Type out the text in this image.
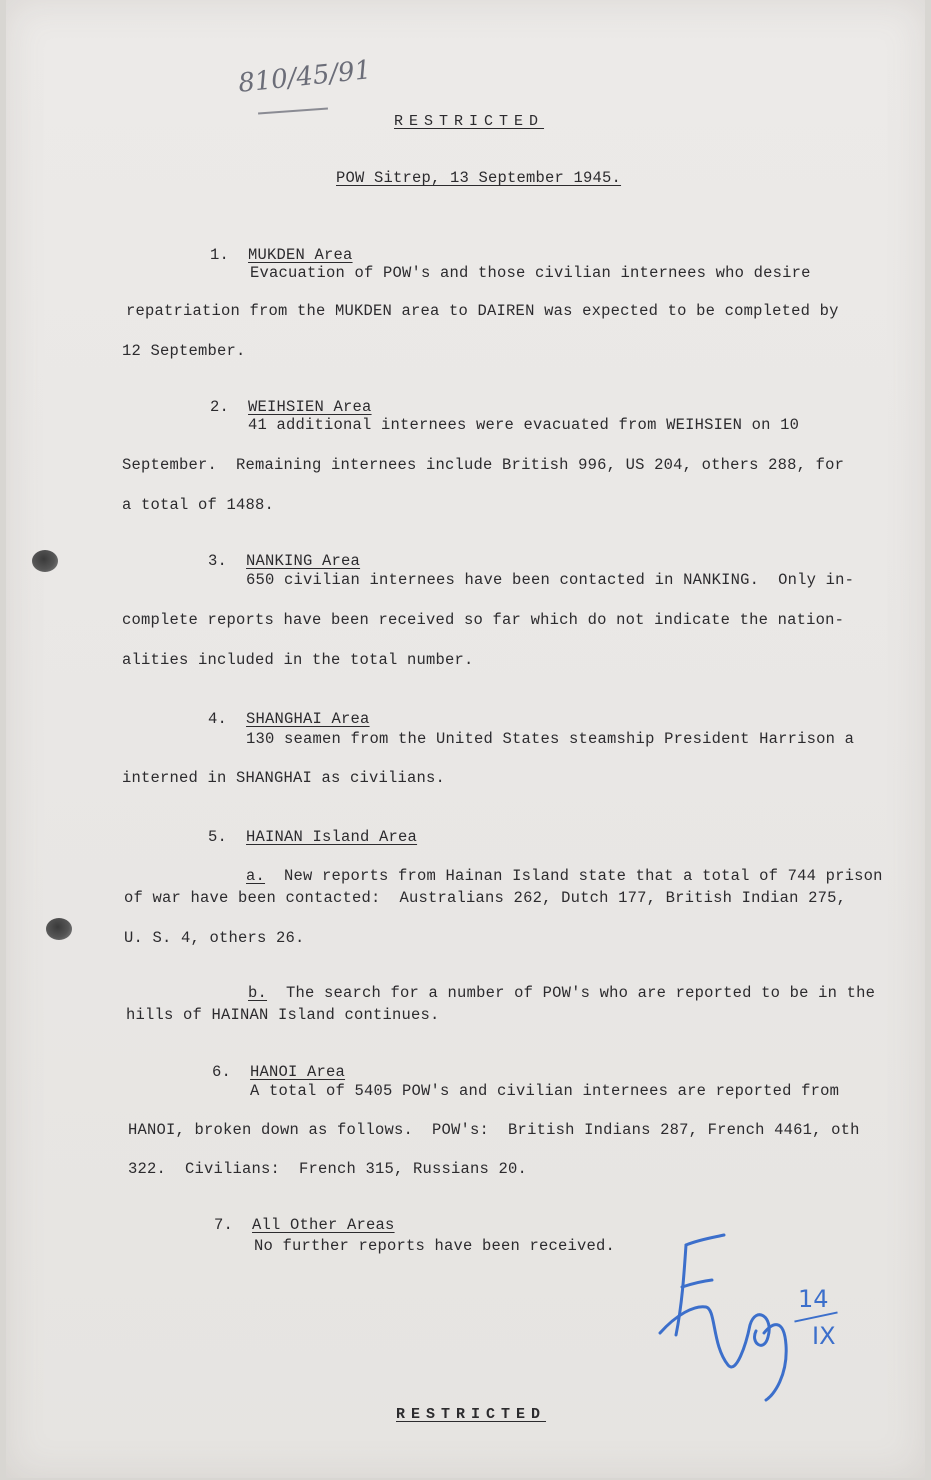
810/45/91
RESTRICTED
POW Sitrep, 13 September 1945.

1.  MUKDEN Area

Evacuation of POW's and those civilian internees who desire
repatriation from the MUKDEN area to DAIREN was expected to be completed by
12 September.

2.  WEIHSIEN Area

41 additional internees were evacuated from WEIHSIEN on 10
September.  Remaining internees include British 996, US 204, others 288, for
a total of 1488.

3.  NANKING Area

650 civilian internees have been contacted in NANKING.  Only in-
complete reports have been received so far which do not indicate the nation-
alities included in the total number.

4.  SHANGHAI Area

130 seamen from the United States steamship President Harrison a
interned in SHANGHAI as civilians.

5.  HAINAN Island Area

a.  New reports from Hainan Island state that a total of 744 prison

of war have been contacted:  Australians 262, Dutch 177, British Indian 275,
U. S. 4, others 26.

b.  The search for a number of POW's who are reported to be in the

hills of HAINAN Island continues.

6.  HANOI Area

A total of 5405 POW's and civilian internees are reported from
HANOI, broken down as follows.  POW's:  British Indians 287, French 4461, oth
322.  Civilians:  French 315, Russians 20.

7.  All Other Areas

No further reports have been received.
14
IX
RESTRICTED
